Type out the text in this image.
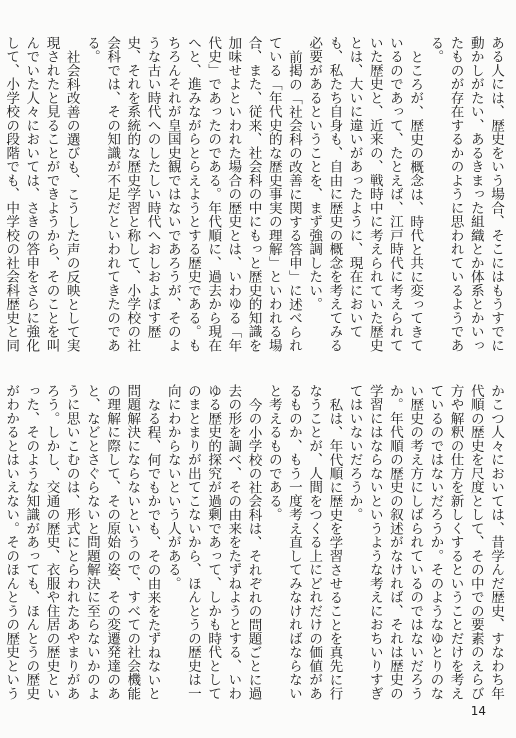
ある人には、歴史をいう場合、そこにはもうすでに動かしがたい、あるきまった組織とか体系とかいったものが存在するかのように思われているようである。

ところが、歴史の概念は、時代と共に変ってきているのであって、たとえば、江戸時代に考えられていた歴史と、近来の、戦時中に考えられていた歴史とは、大いに違いがあったように、現在においても、私たち自身も、自由に歴史の概念を考えてみる必要があるということを、まず強調したい。

前掲の「社会科の改善に関する答申」に述べられている「年代史的な歴史事実の理解」といわれる場合、また、従来、社会科の中にもっと歴史的知識を加味せよといわれた場合の歴史とは、いわゆる「年代史」であったのである。年代順に、過去から現在へと、進みながらとらえようとする歴史である。もちろんそれが皇国史観ではないであろうが、そのような古い時代へのしたしい時代へおしおよぼす歴史、それを系統的な歴史学習と称して、小学校の社会科では、その知識が不足だといわれてきたのである。

社会科改善の選びも、こうした声の反映として実現されたと見ることができようから、そのことを叫んでいた人々においては、さきの答申をさらに強化して、小学校の段階でも、中学校の社会科歴史と同

かこつ人々においては、昔学んだ歴史、すなわち年代順の歴史を尺度として、その中での要素のえらび方や解釈の仕方を新しくするということだけを考えているのではないだろうか。そのようなゆとりのない歴史の考え方にしばられているのではないだろうか。年代順の歴史の叙述がなければ、それは歴史の学習にはならないというような考えにおちいりすぎてはいないだろうか。

私は、年代順に歴史を学習させることを真先に行なうことが、人間をつくる上にどれだけの価値があるものか、もう一度考え直してみなければならないと考えるものである。

今の小学校の社会科は、それぞれの問題ごとに過去の形を調べ、その由来をたずねようとする、いわゆる歴史的探究が過剰であって、しかも時代としてのまとまりが出てこないから、ほんとうの歴史は一向にわからないという人がある。

なる程、何でもかでも、その由来をたずねないと問題解決にならないというので、すべての社会機能の理解に際して、その原始の姿、その変遷発達のあと、などとさぐらないと問題解決に至らないかのように思いこむのは、形式にとらわれたあやまりがあろう。しかし、交通の歴史、衣服や住居の歴史といった、そのような知識があっても、ほんとうの歴史がわかるとはいえない。そのほんとうの歴史という

14
